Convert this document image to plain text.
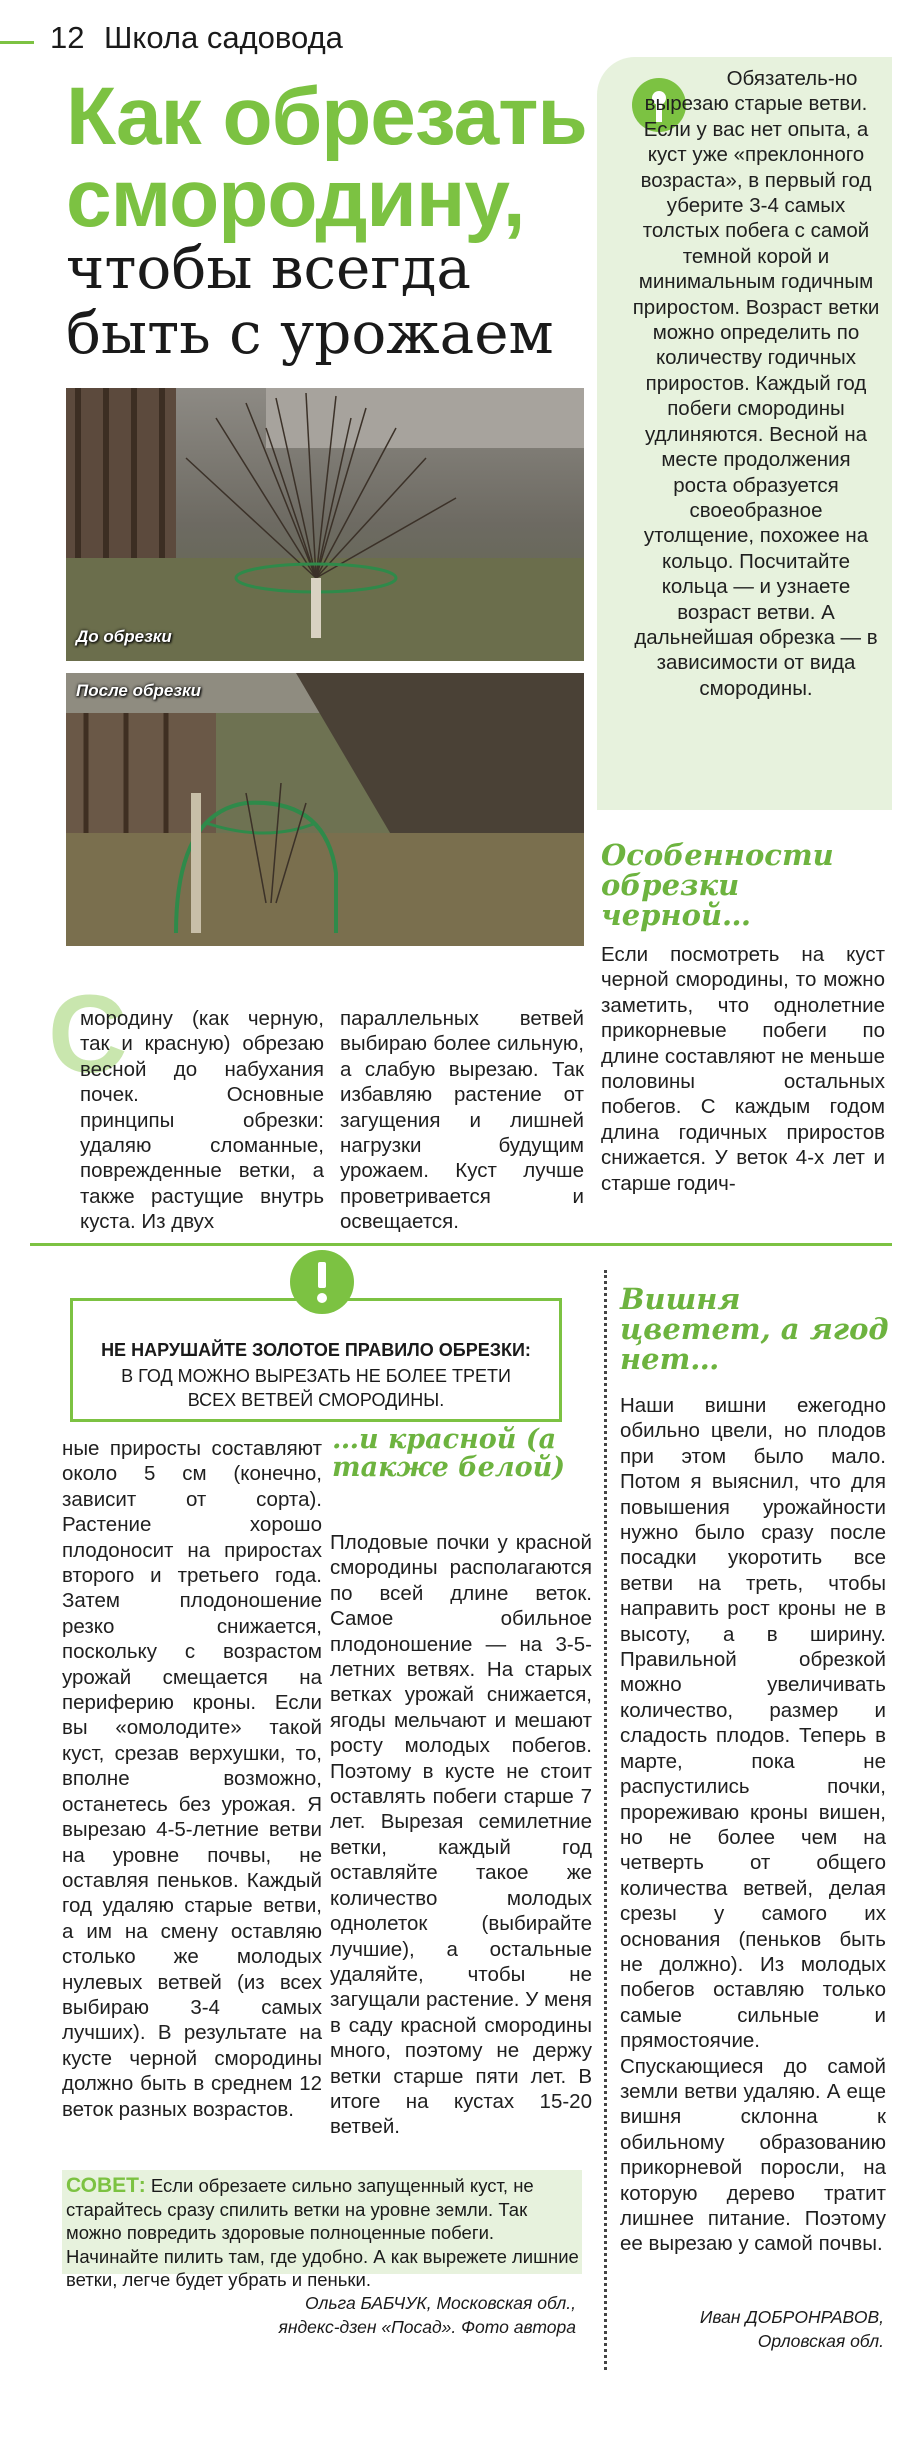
12 Школа садовода
Как обрезать
смородину,
чтобы всегда
быть с урожаем
До обрезки
После обрезки
Обязатель-но вырезаю старые ветви. Если у вас нет опыта, а куст уже «преклонного возраста», в первый год уберите 3-4 самых толстых побега с самой темной корой и минимальным годичным приростом. Возраст ветки можно определить по количеству годичных приростов. Каждый год побеги смородины удлиняются. Весной на месте продолжения роста образуется своеобразное утолщение, похожее на кольцо. Посчитайте кольца — и узнаете возраст ветви. А дальнейшая обрезка — в зависимости от вида смородины.
С
мородину (как черную, так и красную) обрезаю весной до набухания почек. Основные принципы обрезки: удаляю сломанные, поврежденные ветки, а также растущие внутрь куста. Из двух
параллельных ветвей выбираю более сильную, а слабую вырезаю. Так избавляю растение от загущения и лишней нагрузки будущим урожаем. Куст лучше проветривается и освещается.
Особенности обрезки черной…
Если посмотреть на куст черной смородины, то можно заметить, что однолетние прикорневые побеги по длине составляют не меньше половины остальных побегов. С каждым годом длина годичных приростов снижается. У веток 4-х лет и старше годич-
НЕ НАРУШАЙТЕ ЗОЛОТОЕ ПРАВИЛО ОБРЕЗКИ:
В ГОД МОЖНО ВЫРЕЗАТЬ НЕ БОЛЕЕ ТРЕТИ
ВСЕХ ВЕТВЕЙ СМОРОДИНЫ.
ные приросты составляют около 5 см (конечно, зависит от сорта). Растение хорошо плодоносит на приростах второго и третьего года. Затем плодоношение резко снижается, поскольку с возрастом урожай смещается на периферию кроны. Если вы «омолодите» такой куст, срезав верхушки, то, вполне возможно, останетесь без урожая. Я вырезаю 4-5-летние ветви на уровне почвы, не оставляя пеньков. Каждый год удаляю старые ветви, а им на смену оставляю столько же молодых нулевых ветвей (из всех выбираю 3-4 самых лучших). В результате на кусте черной смородины должно быть в среднем 12 веток разных возрастов.
…и красной (а также белой)
Плодовые почки у красной смородины располагаются по всей длине веток. Самое обильное плодоношение — на 3-5-летних ветвях. На старых ветках урожай снижается, ягоды мельчают и мешают росту молодых побегов. Поэтому в кусте не стоит оставлять побеги старше 7 лет. Вырезая семилетние ветки, каждый год оставляйте такое же количество молодых однолеток (выбирайте лучшие), а остальные удаляйте, чтобы не загущали растение. У меня в саду красной смородины много, поэтому не держу ветки старше пяти лет. В итоге на кустах 15-20 ветвей.
СОВЕТ: Если обрезаете сильно запущенный куст, не старайтесь сразу спилить ветки на уровне земли. Так можно повредить здоровые полноценные побеги. Начинайте пилить там, где удобно. А как вырежете лишние ветки, легче будет убрать и пеньки.
Ольга БАБЧУК, Московская обл.,
яндекс-дзен «Посад». Фото автора
Вишня цветет, а ягод нет…
Наши вишни ежегодно обильно цвели, но плодов при этом было мало. Потом я выяснил, что для повышения урожайности нужно было сразу после посадки укоротить все ветви на треть, чтобы направить рост кроны не в высоту, а в ширину. Правильной обрезкой можно увеличивать количество, размер и сладость плодов. Теперь в марте, пока не распустились почки, прореживаю кроны вишен, но не более чем на четверть от общего количества ветвей, делая срезы у самого их основания (пеньков быть не должно). Из молодых побегов оставляю только самые сильные и прямостоячие. Спускающиеся до самой земли ветви удаляю. А еще вишня склонна к обильному образованию прикорневой поросли, на которую дерево тратит лишнее питание. Поэтому ее вырезаю у самой почвы.
Иван ДОБРОНРАВОВ,
Орловская обл.
